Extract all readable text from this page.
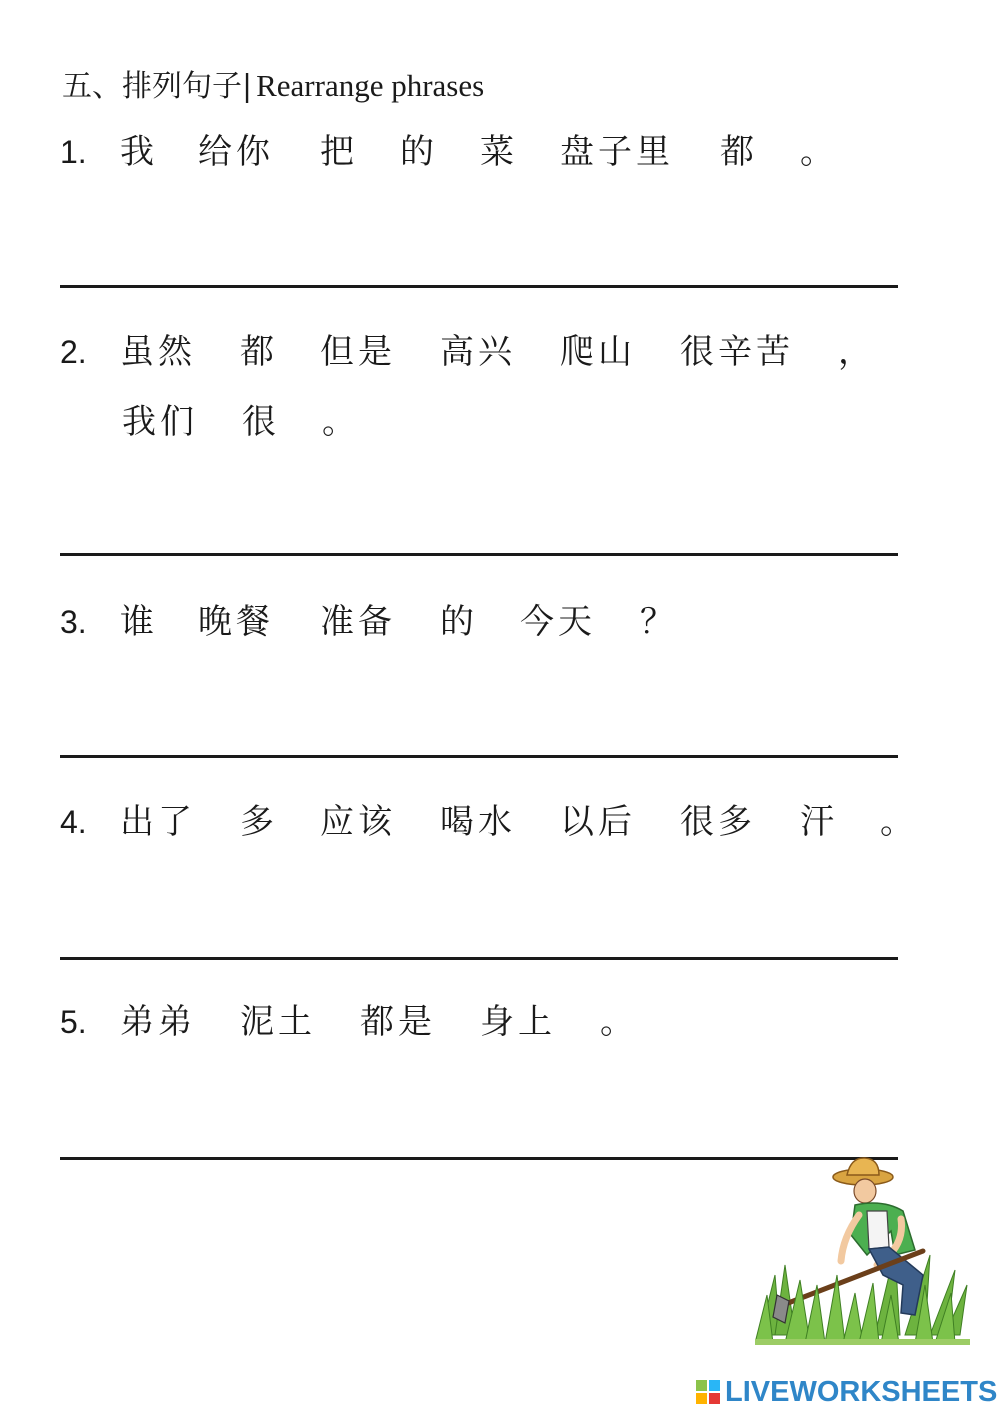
五、排列句子| Rearrange phrases
1. 我 给你 把 的 菜 盘子里 都 。
2. 虽然 都 但是 高兴 爬山 很辛苦 ，
我们 很 。
3. 谁 晚餐 准备 的 今天 ？
4. 出了 多 应该 喝水 以后 很多 汗 。
5. 弟弟 泥土 都是 身上 。
LIVEWORKSHEETS
